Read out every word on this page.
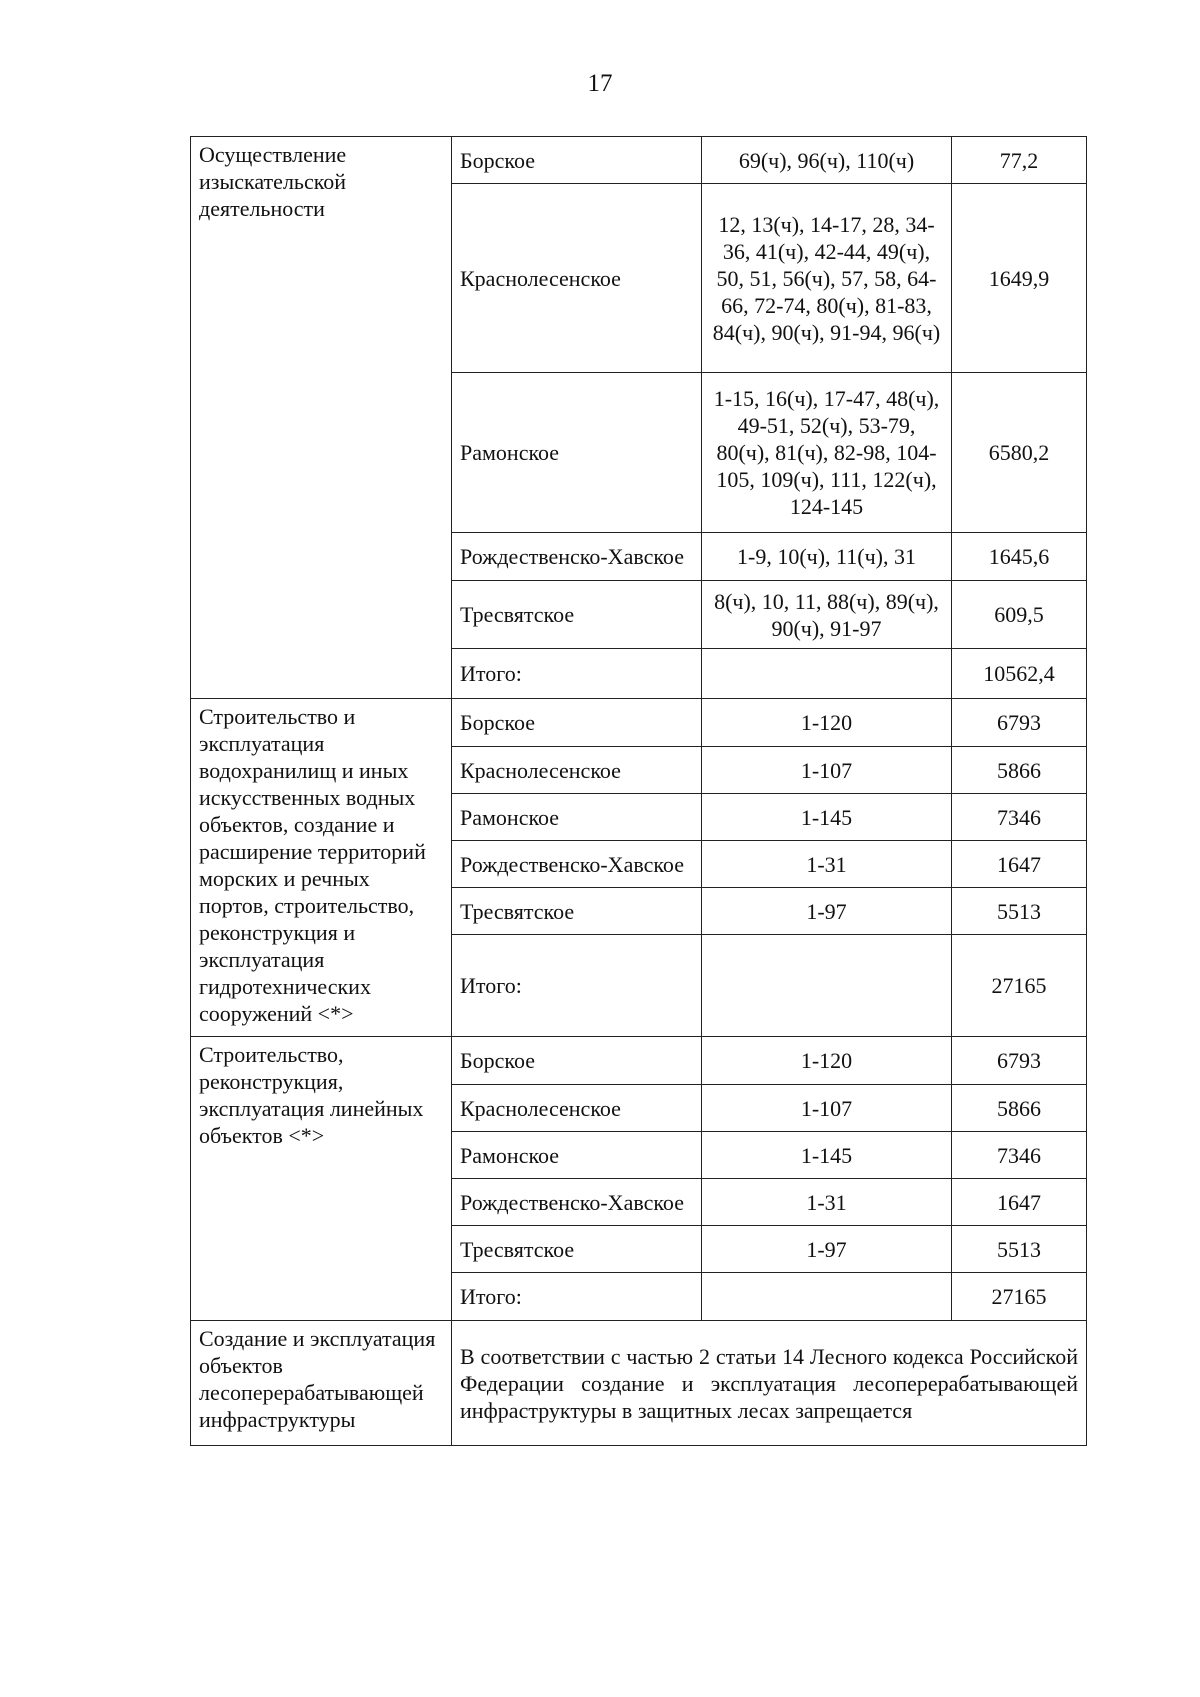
17
Осуществление изыскательской деятельности	Борское	69(ч), 96(ч), 110(ч)	77,2
	Краснолесенское	12, 13(ч), 14-17, 28, 34-36, 41(ч), 42-44, 49(ч), 50, 51, 56(ч), 57, 58, 64-66, 72-74, 80(ч), 81-83, 84(ч), 90(ч), 91-94, 96(ч)	1649,9
	Рамонское	1-15, 16(ч), 17-47, 48(ч), 49-51, 52(ч), 53-79, 80(ч), 81(ч), 82-98, 104-105, 109(ч), 111, 122(ч), 124-145	6580,2
	Рождественско-Хавское	1-9, 10(ч), 11(ч), 31	1645,6
	Тресвятское	8(ч), 10, 11, 88(ч), 89(ч), 90(ч), 91-97	609,5
	Итого:		10562,4
Строительство и эксплуатация водохранилищ и иных искусственных водных объектов, создание и расширение территорий морских и речных портов, строительство, реконструкция и эксплуатация гидротехнических сооружений <*>	Борское	1-120	6793
	Краснолесенское	1-107	5866
	Рамонское	1-145	7346
	Рождественско-Хавское	1-31	1647
	Тресвятское	1-97	5513
	Итого:		27165
Строительство, реконструкция, эксплуатация линейных объектов <*>	Борское	1-120	6793
	Краснолесенское	1-107	5866
	Рамонское	1-145	7346
	Рождественско-Хавское	1-31	1647
	Тресвятское	1-97	5513
	Итого:		27165
Создание и эксплуатация объектов лесоперерабатывающей инфраструктуры	В соответствии с частью 2 статьи 14 Лесного кодекса Российской Федерации создание и эксплуатация лесоперерабатывающей инфраструктуры в защитных лесах запрещается		
